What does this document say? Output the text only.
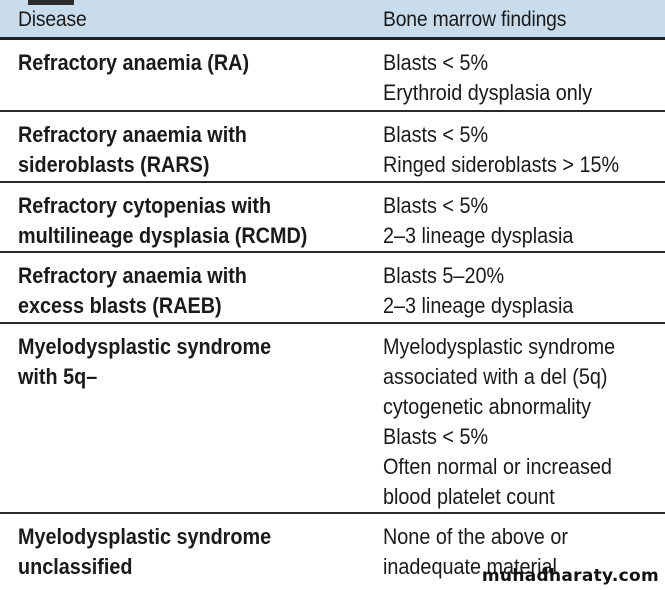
Disease	Bone marrow findings
Refractory anaemia (RA)	Blasts < 5%
Erythroid dysplasia only
Refractory anaemia with
sideroblasts (RARS)
Blasts < 5%
Ringed sideroblasts > 15%
Refractory cytopenias with
multilineage dysplasia (RCMD)
Blasts < 5%
2–3 lineage dysplasia
Refractory anaemia with
excess blasts (RAEB)
Blasts 5–20%
2–3 lineage dysplasia
Myelodysplastic syndrome
with 5q–
Myelodysplastic syndrome
associated with a del (5q)
cytogenetic abnormality
Blasts < 5%
Often normal or increased
blood platelet count
Myelodysplastic syndrome
unclassified
None of the above or
inadequate material
muhadharaty.com
